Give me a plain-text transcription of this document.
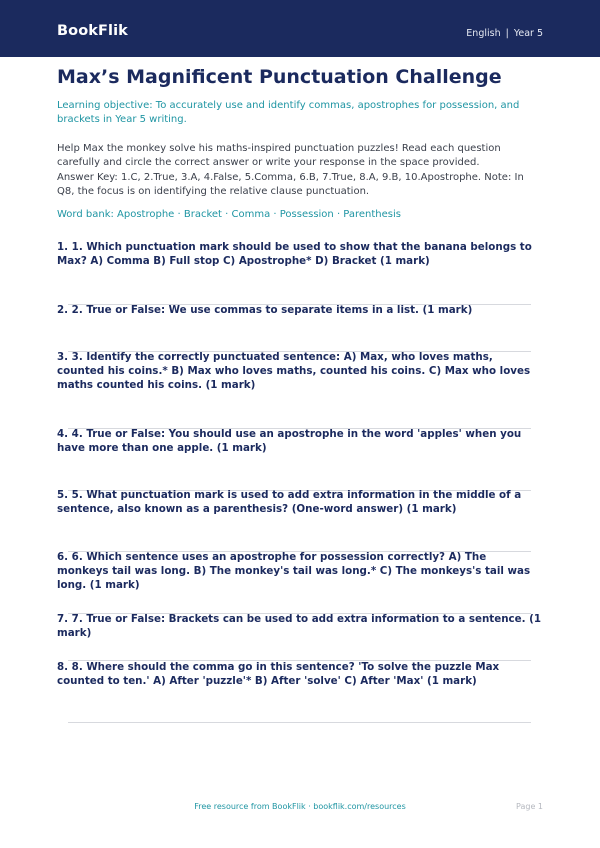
BookFlik	English | Year 5
Max’s Magnificent Punctuation Challenge
Learning objective: To accurately use and identify commas, apostrophes for possession, and brackets in Year 5 writing.
Help Max the monkey solve his maths-inspired punctuation puzzles! Read each question carefully and circle the correct answer or write your response in the space provided.
Answer Key: 1.C, 2.True, 3.A, 4.False, 5.Comma, 6.B, 7.True, 8.A, 9.B, 10.Apostrophe. Note: In Q8, the focus is on identifying the relative clause punctuation.
Word bank: Apostrophe · Bracket · Comma · Possession · Parenthesis
1. 1. Which punctuation mark should be used to show that the banana belongs to Max? A) Comma B) Full stop C) Apostrophe* D) Bracket (1 mark)
2. 2. True or False: We use commas to separate items in a list. (1 mark)
3. 3. Identify the correctly punctuated sentence: A) Max, who loves maths, counted his coins.* B) Max who loves maths, counted his coins. C) Max who loves maths counted his coins. (1 mark)
4. 4. True or False: You should use an apostrophe in the word 'apples' when you have more than one apple. (1 mark)
5. 5. What punctuation mark is used to add extra information in the middle of a sentence, also known as a parenthesis? (One-word answer) (1 mark)
6. 6. Which sentence uses an apostrophe for possession correctly? A) The monkeys tail was long. B) The monkey's tail was long.* C) The monkeys's tail was long. (1 mark)
7. 7. True or False: Brackets can be used to add extra information to a sentence. (1 mark)
8. 8. Where should the comma go in this sentence? 'To solve the puzzle Max counted to ten.' A) After 'puzzle'* B) After 'solve' C) After 'Max' (1 mark)
Free resource from BookFlik · bookflik.com/resources	Page 1
